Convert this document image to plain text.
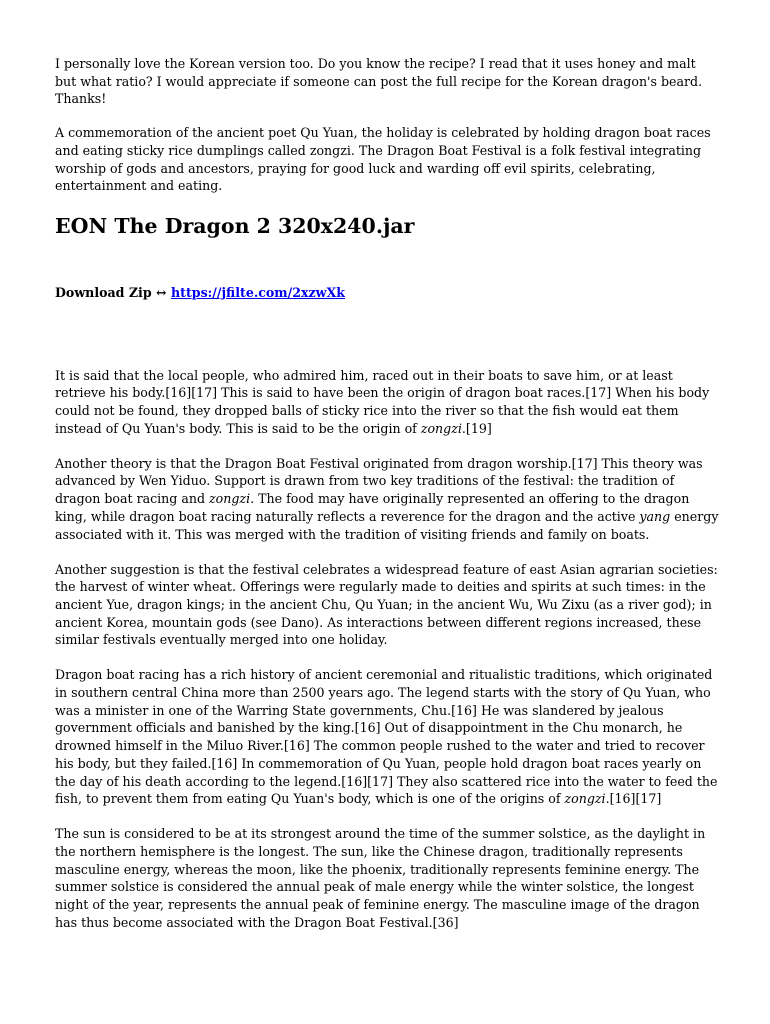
I personally love the Korean version too. Do you know the recipe? I read that it uses honey and malt but what ratio? I would appreciate if someone can post the full recipe for the Korean dragon's beard. Thanks!

A commemoration of the ancient poet Qu Yuan, the holiday is celebrated by holding dragon boat races and eating sticky rice dumplings called zongzi. The Dragon Boat Festival is a folk festival integrating worship of gods and ancestors, praying for good luck and warding off evil spirits, celebrating, entertainment and eating.

EON The Dragon 2 320x240.jar

Download Zip ↔ https://jfilte.com/2xzwXk

It is said that the local people, who admired him, raced out in their boats to save him, or at least retrieve his body.[16][17] This is said to have been the origin of dragon boat races.[17] When his body could not be found, they dropped balls of sticky rice into the river so that the fish would eat them instead of Qu Yuan's body. This is said to be the origin of zongzi.[19]

Another theory is that the Dragon Boat Festival originated from dragon worship.[17] This theory was advanced by Wen Yiduo. Support is drawn from two key traditions of the festival: the tradition of dragon boat racing and zongzi. The food may have originally represented an offering to the dragon king, while dragon boat racing naturally reflects a reverence for the dragon and the active yang energy associated with it. This was merged with the tradition of visiting friends and family on boats.

Another suggestion is that the festival celebrates a widespread feature of east Asian agrarian societies: the harvest of winter wheat. Offerings were regularly made to deities and spirits at such times: in the ancient Yue, dragon kings; in the ancient Chu, Qu Yuan; in the ancient Wu, Wu Zixu (as a river god); in ancient Korea, mountain gods (see Dano). As interactions between different regions increased, these similar festivals eventually merged into one holiday.

Dragon boat racing has a rich history of ancient ceremonial and ritualistic traditions, which originated in southern central China more than 2500 years ago. The legend starts with the story of Qu Yuan, who was a minister in one of the Warring State governments, Chu.[16] He was slandered by jealous government officials and banished by the king.[16] Out of disappointment in the Chu monarch, he drowned himself in the Miluo River.[16] The common people rushed to the water and tried to recover his body, but they failed.[16] In commemoration of Qu Yuan, people hold dragon boat races yearly on the day of his death according to the legend.[16][17] They also scattered rice into the water to feed the fish, to prevent them from eating Qu Yuan's body, which is one of the origins of zongzi.[16][17]

The sun is considered to be at its strongest around the time of the summer solstice, as the daylight in the northern hemisphere is the longest. The sun, like the Chinese dragon, traditionally represents masculine energy, whereas the moon, like the phoenix, traditionally represents feminine energy. The summer solstice is considered the annual peak of male energy while the winter solstice, the longest night of the year, represents the annual peak of feminine energy. The masculine image of the dragon has thus become associated with the Dragon Boat Festival.[36]
